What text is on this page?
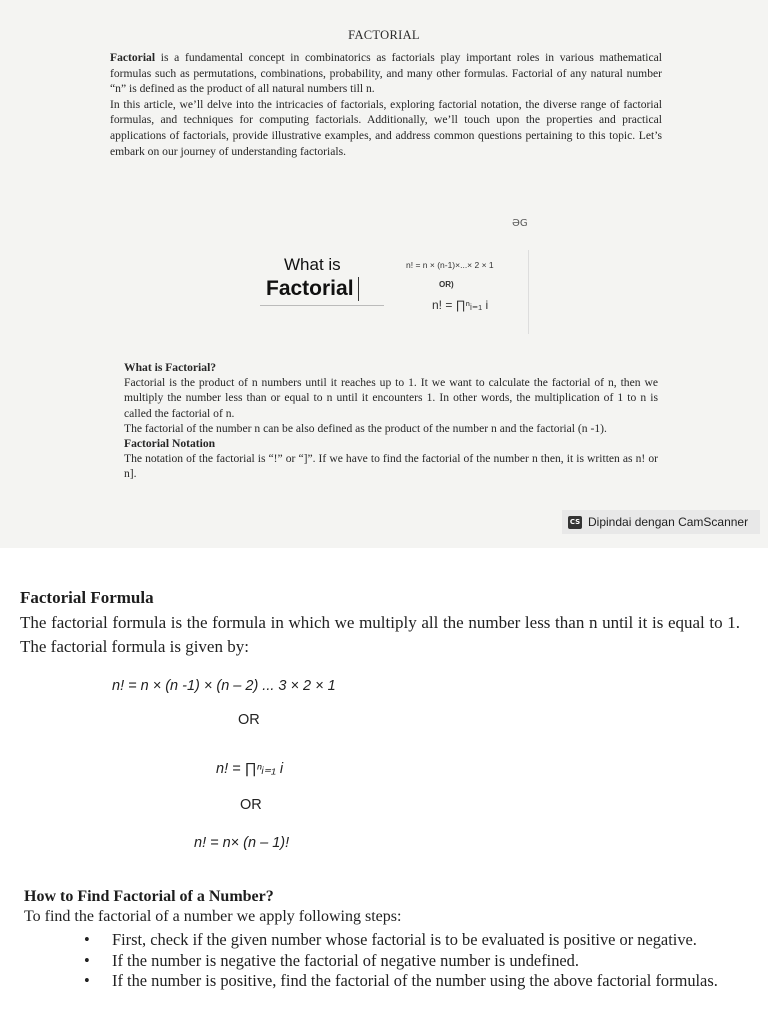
FACTORIAL

Factorial is a fundamental concept in combinatorics as factorials play important roles in various mathematical formulas such as permutations, combinations, probability, and many other formulas. Factorial of any natural number “n” is defined as the product of all natural numbers till n.

In this article, we’ll delve into the intricacies of factorials, exploring factorial notation, the diverse range of factorial formulas, and techniques for computing factorials. Additionally, we’ll touch upon the properties and practical applications of factorials, provide illustrative examples, and address common questions pertaining to this topic. Let’s embark on our journey of understanding factorials.

ƏG
What is
Factorial
n! = n × (n-1)×...× 2 × 1
OR)
n! = ∏ⁿᵢ₌₁ i
What is Factorial?

Factorial is the product of n numbers until it reaches up to 1. It we want to calculate the factorial of n, then we multiply the number less than or equal to n until it encounters 1. In other words, the multiplication of 1 to n is called the factorial of n.

The factorial of the number n can be also defined as the product of the number n and the factorial (n -1).

Factorial Notation

The notation of the factorial is “!” or “]”. If we have to find the factorial of the number n then, it is written as n! or n].

CS Dipindai dengan CamScanner
Factorial Formula
The factorial formula is the formula in which we multiply all the number less than n until it is equal to 1. The factorial formula is given by:
n! = n × (n -1) × (n – 2) ... 3 × 2 × 1
OR
n! = ∏ⁿᵢ₌₁ i
OR
n! = n× (n – 1)!
How to Find Factorial of a Number?
To find the factorial of a number we apply following steps:
• First, check if the given number whose factorial is to be evaluated is positive or negative.
• If the number is negative the factorial of negative number is undefined.
• If the number is positive, find the factorial of the number using the above factorial formulas.
